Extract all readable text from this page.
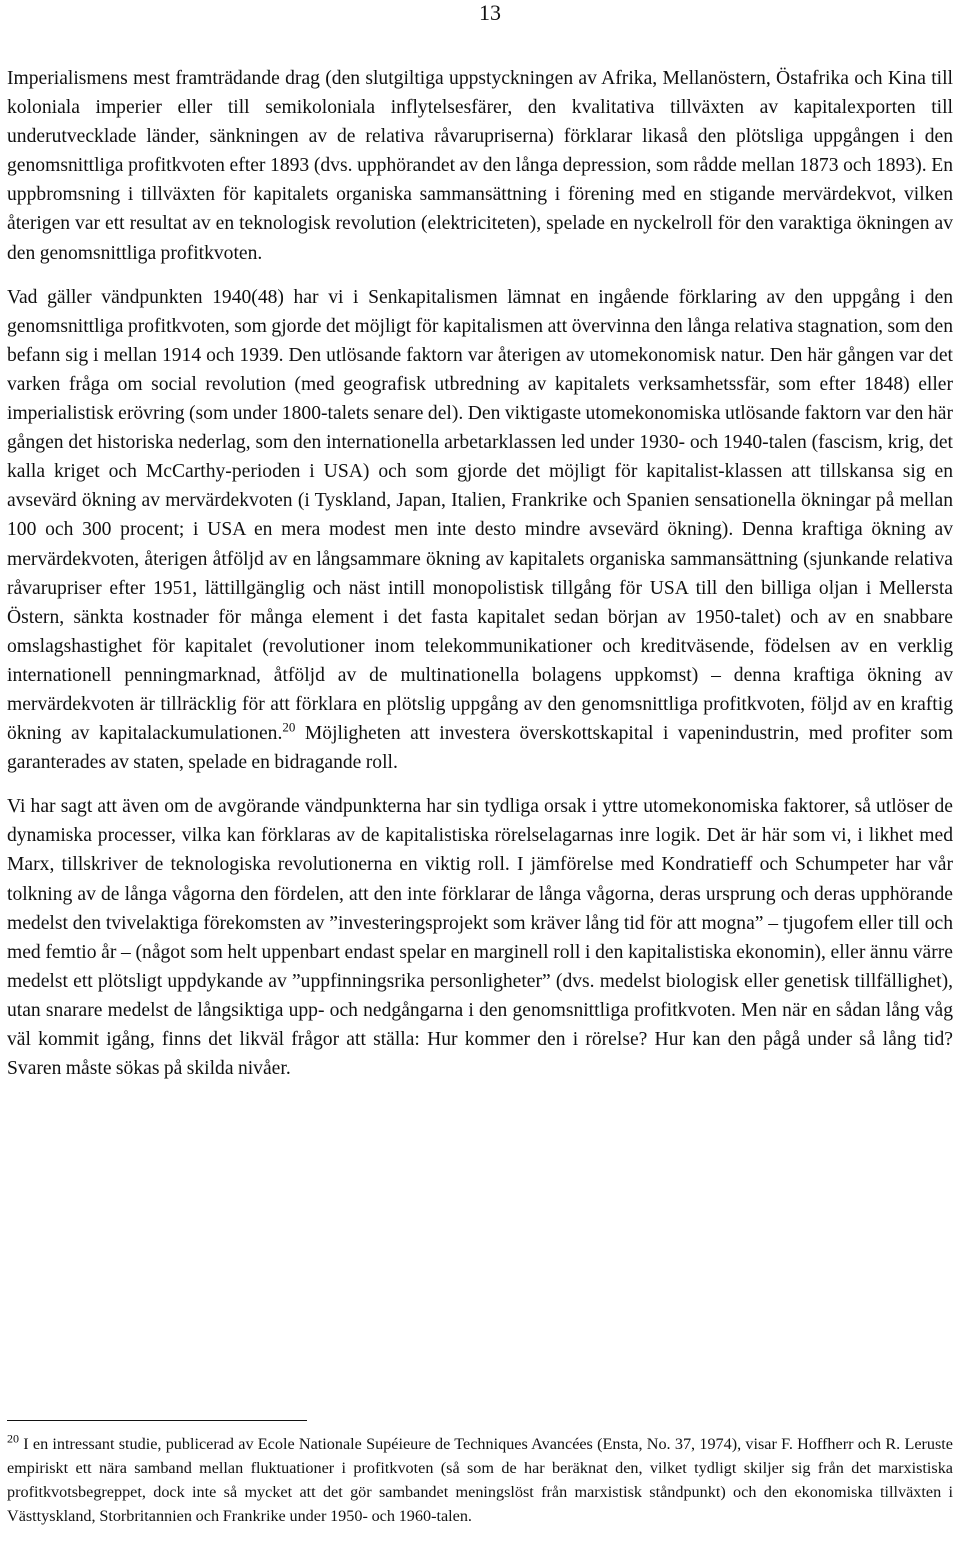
13

Imperialismens mest framträdande drag (den slutgiltiga uppstyckningen av Afrika, Mellanöstern, Östafrika och Kina till koloniala imperier eller till semikoloniala inflytelsesfärer, den kvalitativa tillväxten av kapitalexporten till underutvecklade länder, sänkningen av de relativa råvarupriserna) förklarar likaså den plötsliga uppgången i den genomsnittliga profitkvoten efter 1893 (dvs. upphörandet av den långa depression, som rådde mellan 1873 och 1893). En uppbromsning i tillväxten för kapitalets organiska sammansättning i förening med en stigande mervärdekvot, vilken återigen var ett resultat av en teknologisk revolution (elektriciteten), spelade en nyckelroll för den varaktiga ökningen av den genomsnittliga profitkvoten.

Vad gäller vändpunkten 1940(48) har vi i Senkapitalismen lämnat en ingående förklaring av den uppgång i den genomsnittliga profitkvoten, som gjorde det möjligt för kapitalismen att övervinna den långa relativa stagnation, som den befann sig i mellan 1914 och 1939. Den utlösande faktorn var återigen av utomekonomisk natur. Den här gången var det varken fråga om social revolution (med geografisk utbredning av kapitalets verksamhetssfär, som efter 1848) eller imperialistisk erövring (som under 1800-talets senare del). Den viktigaste utomekonomiska utlösande faktorn var den här gången det historiska nederlag, som den internationella arbetarklassen led under 1930- och 1940-talen (fascism, krig, det kalla kriget och McCarthy-perioden i USA) och som gjorde det möjligt för kapitalist-klassen att tillskansa sig en avsevärd ökning av mervärdekvoten (i Tyskland, Japan, Italien, Frankrike och Spanien sensationella ökningar på mellan 100 och 300 procent; i USA en mera modest men inte desto mindre avsevärd ökning). Denna kraftiga ökning av mervärdekvoten, återigen åtföljd av en långsammare ökning av kapitalets organiska sammansättning (sjunkande relativa råvarupriser efter 1951, lättillgänglig och näst intill monopolistisk tillgång för USA till den billiga oljan i Mellersta Östern, sänkta kostnader för många element i det fasta kapitalet sedan början av 1950-talet) och av en snabbare omslagshastighet för kapitalet (revolutioner inom telekommunikationer och kreditväsende, födelsen av en verklig internationell penningmarknad, åtföljd av de multinationella bolagens uppkomst) – denna kraftiga ökning av mervärdekvoten är tillräcklig för att förklara en plötslig uppgång av den genomsnittliga profitkvoten, följd av en kraftig ökning av kapitalackumulationen.$^{20}$ Möjligheten att investera överskottskapital i vapenindustrin, med profiter som garanterades av staten, spelade en bidragande roll.

Vi har sagt att även om de avgörande vändpunkterna har sin tydliga orsak i yttre utomekonomiska faktorer, så utlöser de dynamiska processer, vilka kan förklaras av de kapitalistiska rörelselagarnas inre logik. Det är här som vi, i likhet med Marx, tillskriver de teknologiska revolutionerna en viktig roll. I jämförelse med Kondratieff och Schumpeter har vår tolkning av de långa vågorna den fördelen, att den inte förklarar de långa vågorna, deras ursprung och deras upphörande medelst den tvivelaktiga förekomsten av ”investeringsprojekt som kräver lång tid för att mogna” – tjugofem eller till och med femtio år – (något som helt uppenbart endast spelar en marginell roll i den kapitalistiska ekonomin), eller ännu värre medelst ett plötsligt uppdykande av ”uppfinningsrika personligheter” (dvs. medelst biologisk eller genetisk tillfällighet), utan snarare medelst de långsiktiga upp- och nedgångarna i den genomsnittliga profitkvoten. Men när en sådan lång våg väl kommit igång, finns det likväl frågor att ställa: Hur kommer den i rörelse? Hur kan den pågå under så lång tid? Svaren måste sökas på skilda nivåer.

$^{20}$ I en intressant studie, publicerad av Ecole Nationale Supéieure de Techniques Avancées (Ensta, No. 37, 1974), visar F. Hoffherr och R. Leruste empiriskt ett nära samband mellan fluktuationer i profitkvoten (så som de har beräknat den, vilket tydligt skiljer sig från det marxistiska profitkvotsbegreppet, dock inte så mycket att det gör sambandet meningslöst från marxistisk ståndpunkt) och den ekonomiska tillväxten i Västtyskland, Storbritannien och Frankrike under 1950- och 1960-talen.
